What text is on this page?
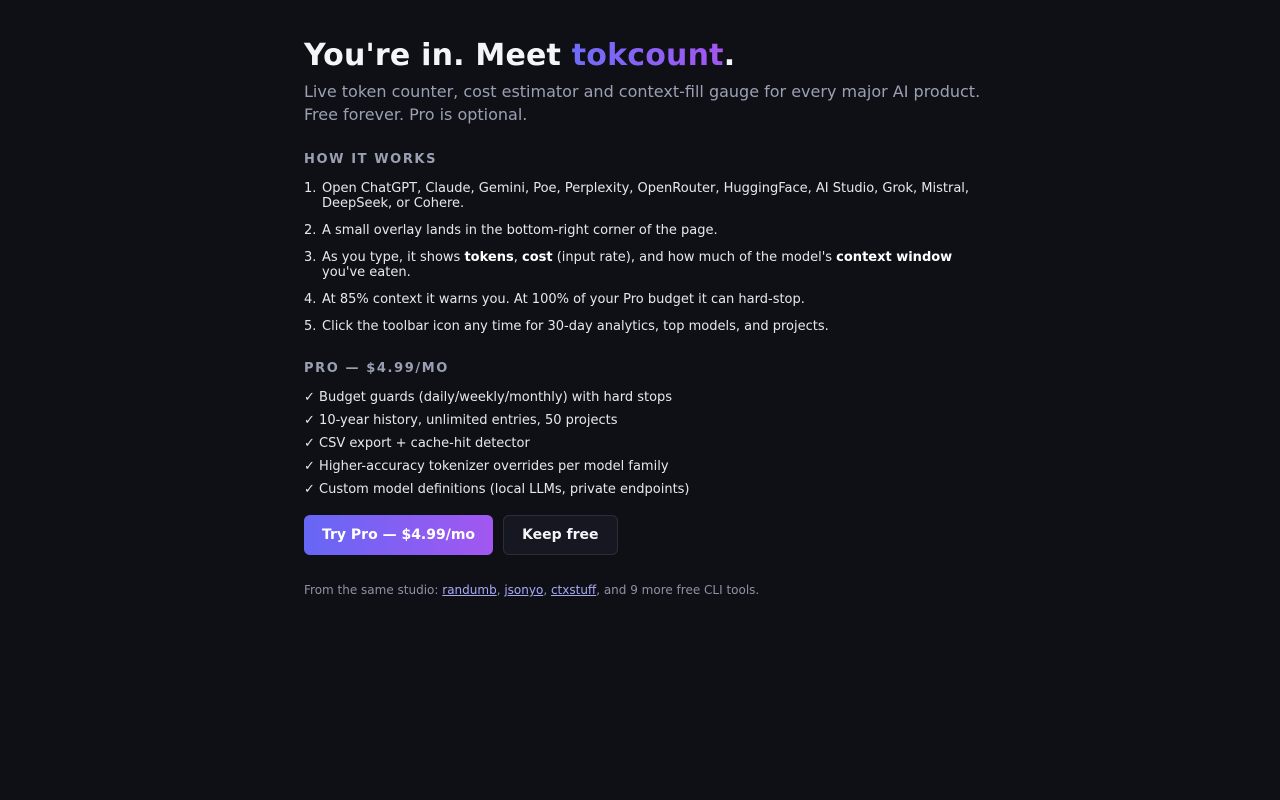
You're in. Meet tokcount.

Live token counter, cost estimator and context-fill gauge for every major AI product. Free forever. Pro is optional.

HOW IT WORKS
1. Open ChatGPT, Claude, Gemini, Poe, Perplexity, OpenRouter, HuggingFace, AI Studio, Grok, Mistral, DeepSeek, or Cohere.
2. A small overlay lands in the bottom-right corner of the page.
3. As you type, it shows tokens, cost (input rate), and how much of the model's context window you've eaten.
4. At 85% context it warns you. At 100% of your Pro budget it can hard-stop.
5. Click the toolbar icon any time for 30-day analytics, top models, and projects.
PRO — $4.99/MO
✓ Budget guards (daily/weekly/monthly) with hard stops
✓ 10-year history, unlimited entries, 50 projects
✓ CSV export + cache-hit detector
✓ Higher-accuracy tokenizer overrides per model family
✓ Custom model definitions (local LLMs, private endpoints)
Try Pro — $4.99/mo	Keep free
From the same studio: randumb, jsonyo, ctxstuff, and 9 more free CLI tools.
